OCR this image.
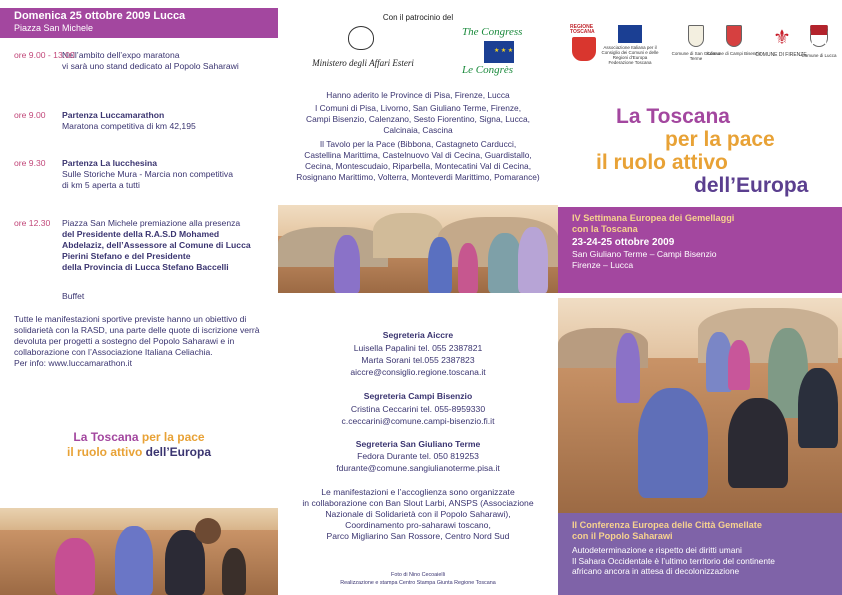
Domenica 25 ottobre 2009 Lucca
Piazza San Michele
ore 9.00 - 13.00
Nell’ambito dell’expo maratona
vi sarà uno stand dedicato al Popolo Saharawi
ore 9.00 Partenza Luccamarathon
Maratona competitiva di km 42,195
ore 9.30 Partenza La lucchesina
Sulle Storiche Mura - Marcia non competitiva
di km 5 aperta a tutti
ore 12.30 Piazza San Michele premiazione alla presenza
del Presidente della R.A.S.D Mohamed
Abdelaziz, dell’Assessore al Comune di Lucca
Pierini Stefano e del Presidente
della Provincia di Lucca Stefano Baccelli
Buffet
Tutte le manifestazioni sportive previste hanno un obiettivo di solidarietà con la RASD, una parte delle quote di iscrizione verrà devoluta per progetti a sostegno del Popolo Saharawi e in collaborazione con l’Associazione Italiana Celiachia.
Per info: www.luccamarathon.it
La Toscana per la pace
il ruolo attivo dell’Europa
Con il patrocinio del
Ministero degli Affari Esteri
The Congress
★ ★ ★
Le Congrès
Hanno aderito le Province di Pisa, Firenze, Lucca
I Comuni di Pisa, Livorno, San Giuliano Terme, Firenze,
Campi Bisenzio, Calenzano, Sesto Fiorentino, Signa, Lucca,
Calcinaia, Cascina
Il Tavolo per la Pace (Bibbona, Castagneto Carducci,
Castellina Marittima, Castelnuovo Val di Cecina, Guardistallo,
Cecina, Montescudaio, Riparbella, Montecatini Val di Cecina,
Rosignano Marittimo, Volterra, Monteverdi Marittimo, Pomarance)
Segreteria Aiccre
Luisella Papalini tel. 055 2387821
Marta Sorani tel.055 2387823
aiccre@consiglio.regione.toscana.it
Segreteria Campi Bisenzio
Cristina Ceccarini tel. 055-8959330
c.ceccarini@comune.campi-bisenzio.fi.it
Segreteria San Giuliano Terme
Fedora Durante tel. 050 819253
fdurante@comune.sangiulianoterme.pisa.it
Le manifestazioni e l’accoglienza sono organizzate
in collaborazione con Ban Slout Larbi, ANSPS (Associazione
Nazionale di Solidarietà con il Popolo Saharawi),
Coordinamento pro-saharawi toscano,
Parco Migliarino San Rossore, Centro Nord Sud
Foto di Nino Cecoaielli
Realizzazione e stampa Centro Stampa Giunta Regione Toscana
REGIONE TOSCANA
Associazione Italiana per il Consiglio dei Comuni e delle Regioni d’Europa Federazione Toscana
Comune di San Giuliano Terme
Comune di Campi Bisenzio
⚜
COMUNE DI FIRENZE
Comune di Lucca
La Toscana
per la pace
il ruolo attivo
dell’Europa
IV Settimana Europea dei Gemellaggi
con la Toscana
23-24-25 ottobre 2009
San Giuliano Terme – Campi Bisenzio
Firenze – Lucca
II Conferenza Europea delle Città Gemellate
con il Popolo Saharawi
Autodeterminazione e rispetto dei diritti umani
Il Sahara Occidentale è l’ultimo territorio del continente
africano ancora in attesa di decolonizzazione
